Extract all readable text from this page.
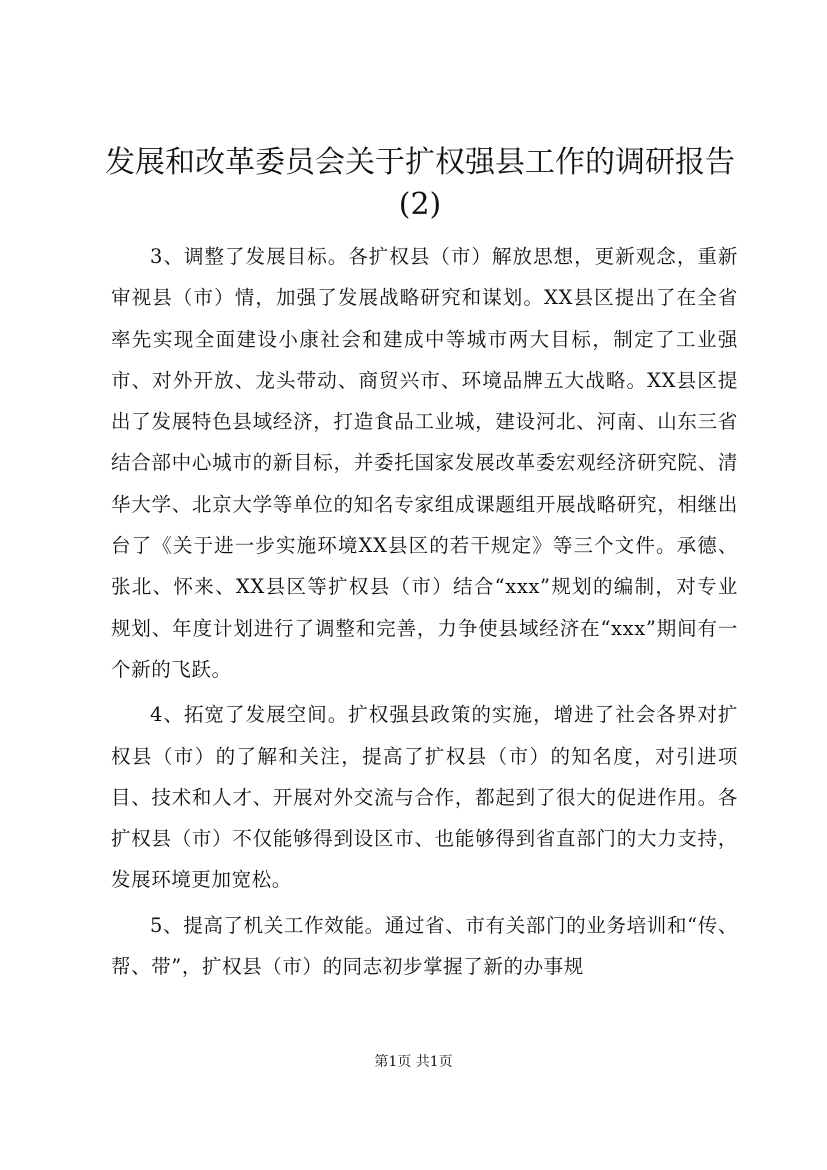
发展和改革委员会关于扩权强县工作的调研报告(2)

3、调整了发展目标。各扩权县（市）解放思想，更新观念，重新审视县（市）情，加强了发展战略研究和谋划。XX县区提出了在全省率先实现全面建设小康社会和建成中等城市两大目标，制定了工业强市、对外开放、龙头带动、商贸兴市、环境品牌五大战略。XX县区提出了发展特色县域经济，打造食品工业城，建设河北、河南、山东三省结合部中心城市的新目标，并委托国家发展改革委宏观经济研究院、清华大学、北京大学等单位的知名专家组成课题组开展战略研究，相继出台了《关于进一步实施环境XX县区的若干规定》等三个文件。承德、张北、怀来、XX县区等扩权县（市）结合“xxx”规划的编制，对专业规划、年度计划进行了调整和完善，力争使县域经济在“xxx”期间有一个新的飞跃。

4、拓宽了发展空间。扩权强县政策的实施，增进了社会各界对扩权县（市）的了解和关注，提高了扩权县（市）的知名度，对引进项目、技术和人才、开展对外交流与合作，都起到了很大的促进作用。各扩权县（市）不仅能够得到设区市、也能够得到省直部门的大力支持，发展环境更加宽松。

5、提高了机关工作效能。通过省、市有关部门的业务培训和“传、帮、带”，扩权县（市）的同志初步掌握了新的办事规

第1页 共1页
